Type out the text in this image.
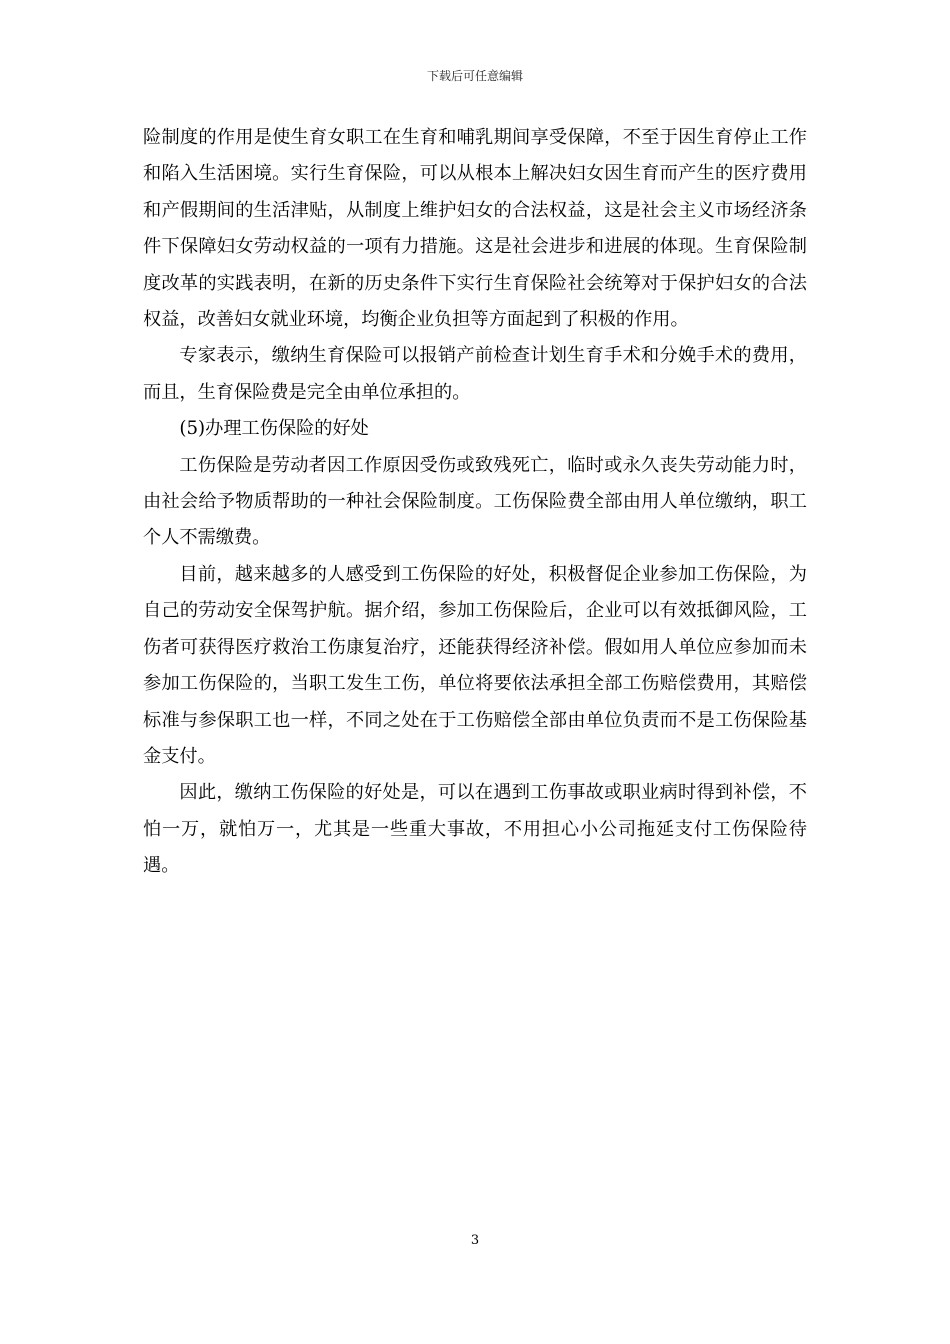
下载后可任意编辑

险制度的作用是使生育女职工在生育和哺乳期间享受保障，不至于因生育停止工作和陷入生活困境。实行生育保险，可以从根本上解决妇女因生育而产生的医疗费用和产假期间的生活津贴，从制度上维护妇女的合法权益，这是社会主义市场经济条件下保障妇女劳动权益的一项有力措施。这是社会进步和进展的体现。生育保险制度改革的实践表明，在新的历史条件下实行生育保险社会统筹对于保护妇女的合法权益，改善妇女就业环境，均衡企业负担等方面起到了积极的作用。

专家表示，缴纳生育保险可以报销产前检查计划生育手术和分娩手术的费用，而且，生育保险费是完全由单位承担的。

(5)办理工伤保险的好处

工伤保险是劳动者因工作原因受伤或致残死亡，临时或永久丧失劳动能力时，由社会给予物质帮助的一种社会保险制度。工伤保险费全部由用人单位缴纳，职工个人不需缴费。

目前，越来越多的人感受到工伤保险的好处，积极督促企业参加工伤保险，为自己的劳动安全保驾护航。据介绍，参加工伤保险后，企业可以有效抵御风险，工伤者可获得医疗救治工伤康复治疗，还能获得经济补偿。假如用人单位应参加而未参加工伤保险的，当职工发生工伤，单位将要依法承担全部工伤赔偿费用，其赔偿标准与参保职工也一样，不同之处在于工伤赔偿全部由单位负责而不是工伤保险基金支付。

因此，缴纳工伤保险的好处是，可以在遇到工伤事故或职业病时得到补偿，不怕一万，就怕万一，尤其是一些重大事故，不用担心小公司拖延支付工伤保险待遇。

3
